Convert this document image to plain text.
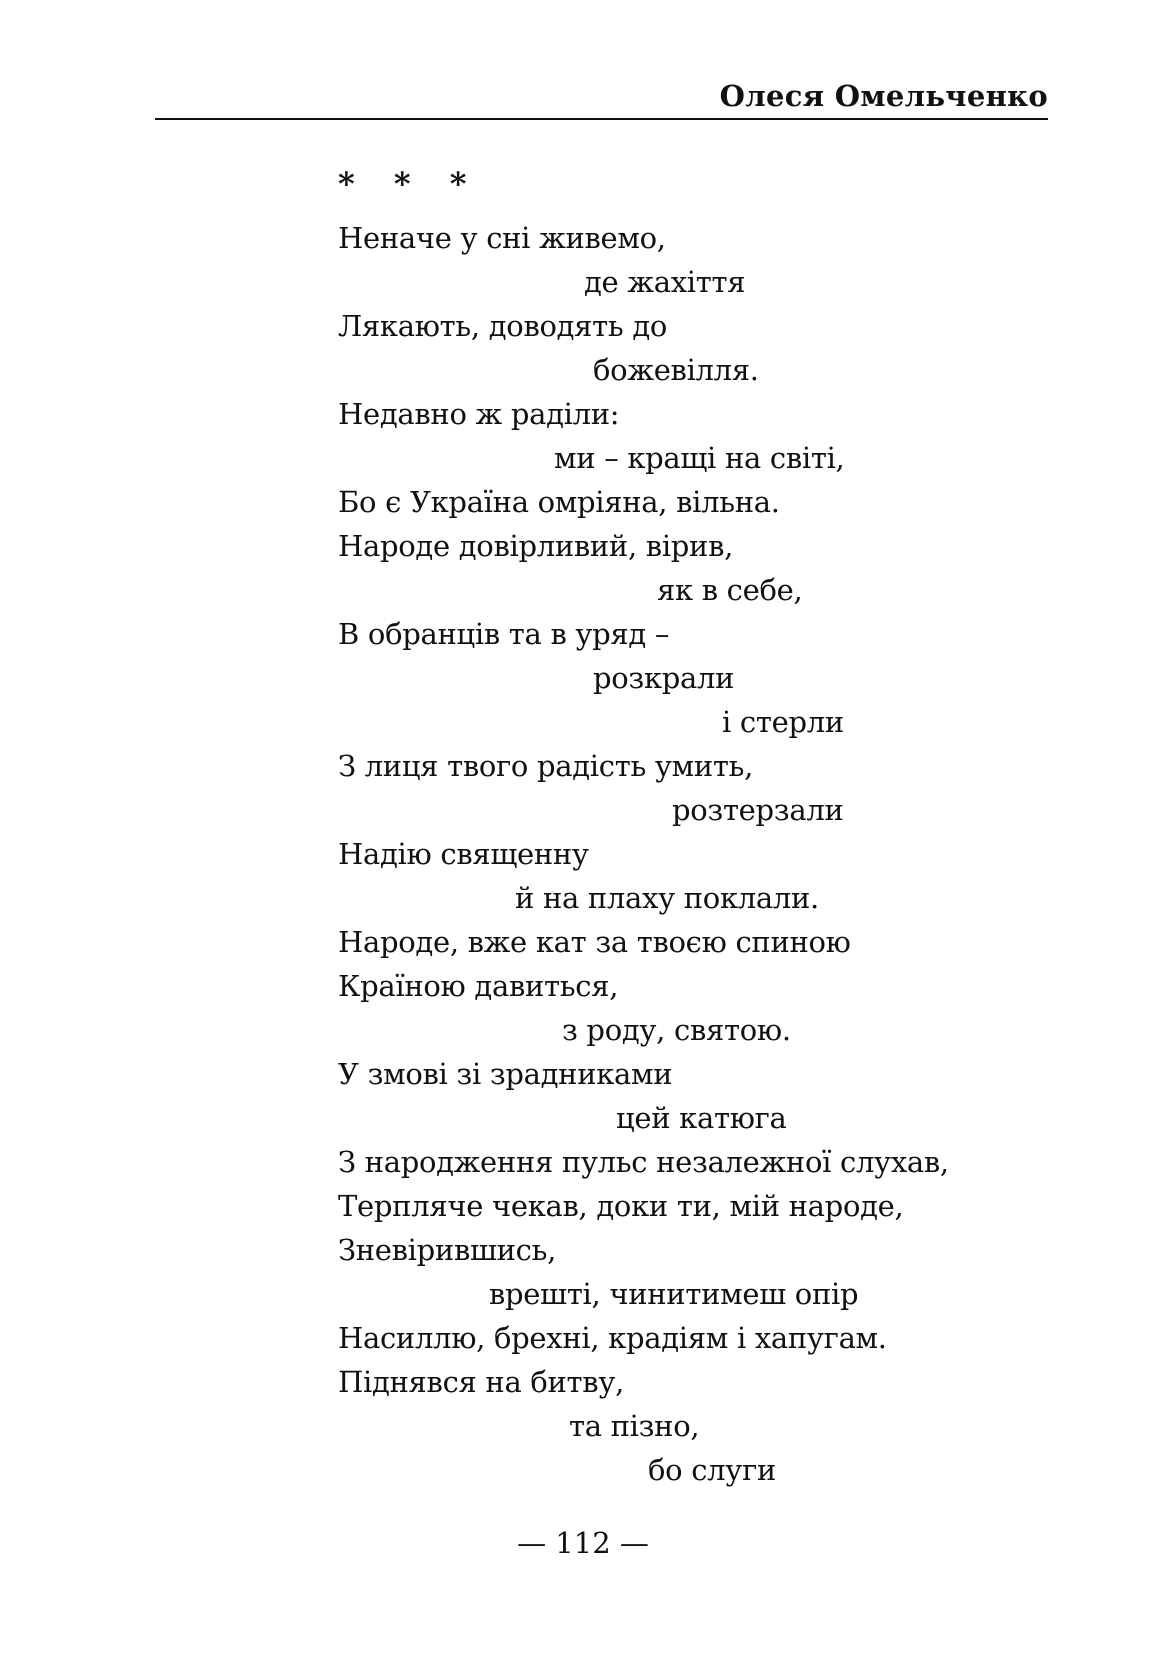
Олеся Омельченко
* * *
Неначе у сні живемо,
де жахіття
Лякають, доводять до
божевілля.
Недавно ж раділи:
ми – кращі на світі,
Бо є Україна омріяна, вільна.
Народе довірливий, вірив,
як в себе,
В обранців та в уряд –
розкрали
і стерли
З лиця твого радість умить,
розтерзали
Надію священну
й на плаху поклали.
Народе, вже кат за твоєю спиною
Країною давиться,
з роду, святою.
У змові зі зрадниками
цей катюга
З народження пульс незалежної слухав,
Терпляче чекав, доки ти, мій народе,
Зневірившись,
врешті, чинитимеш опір
Насиллю, брехні, крадіям і хапугам.
Піднявся на битву,
та пізно,
бо слуги
— 112 —
